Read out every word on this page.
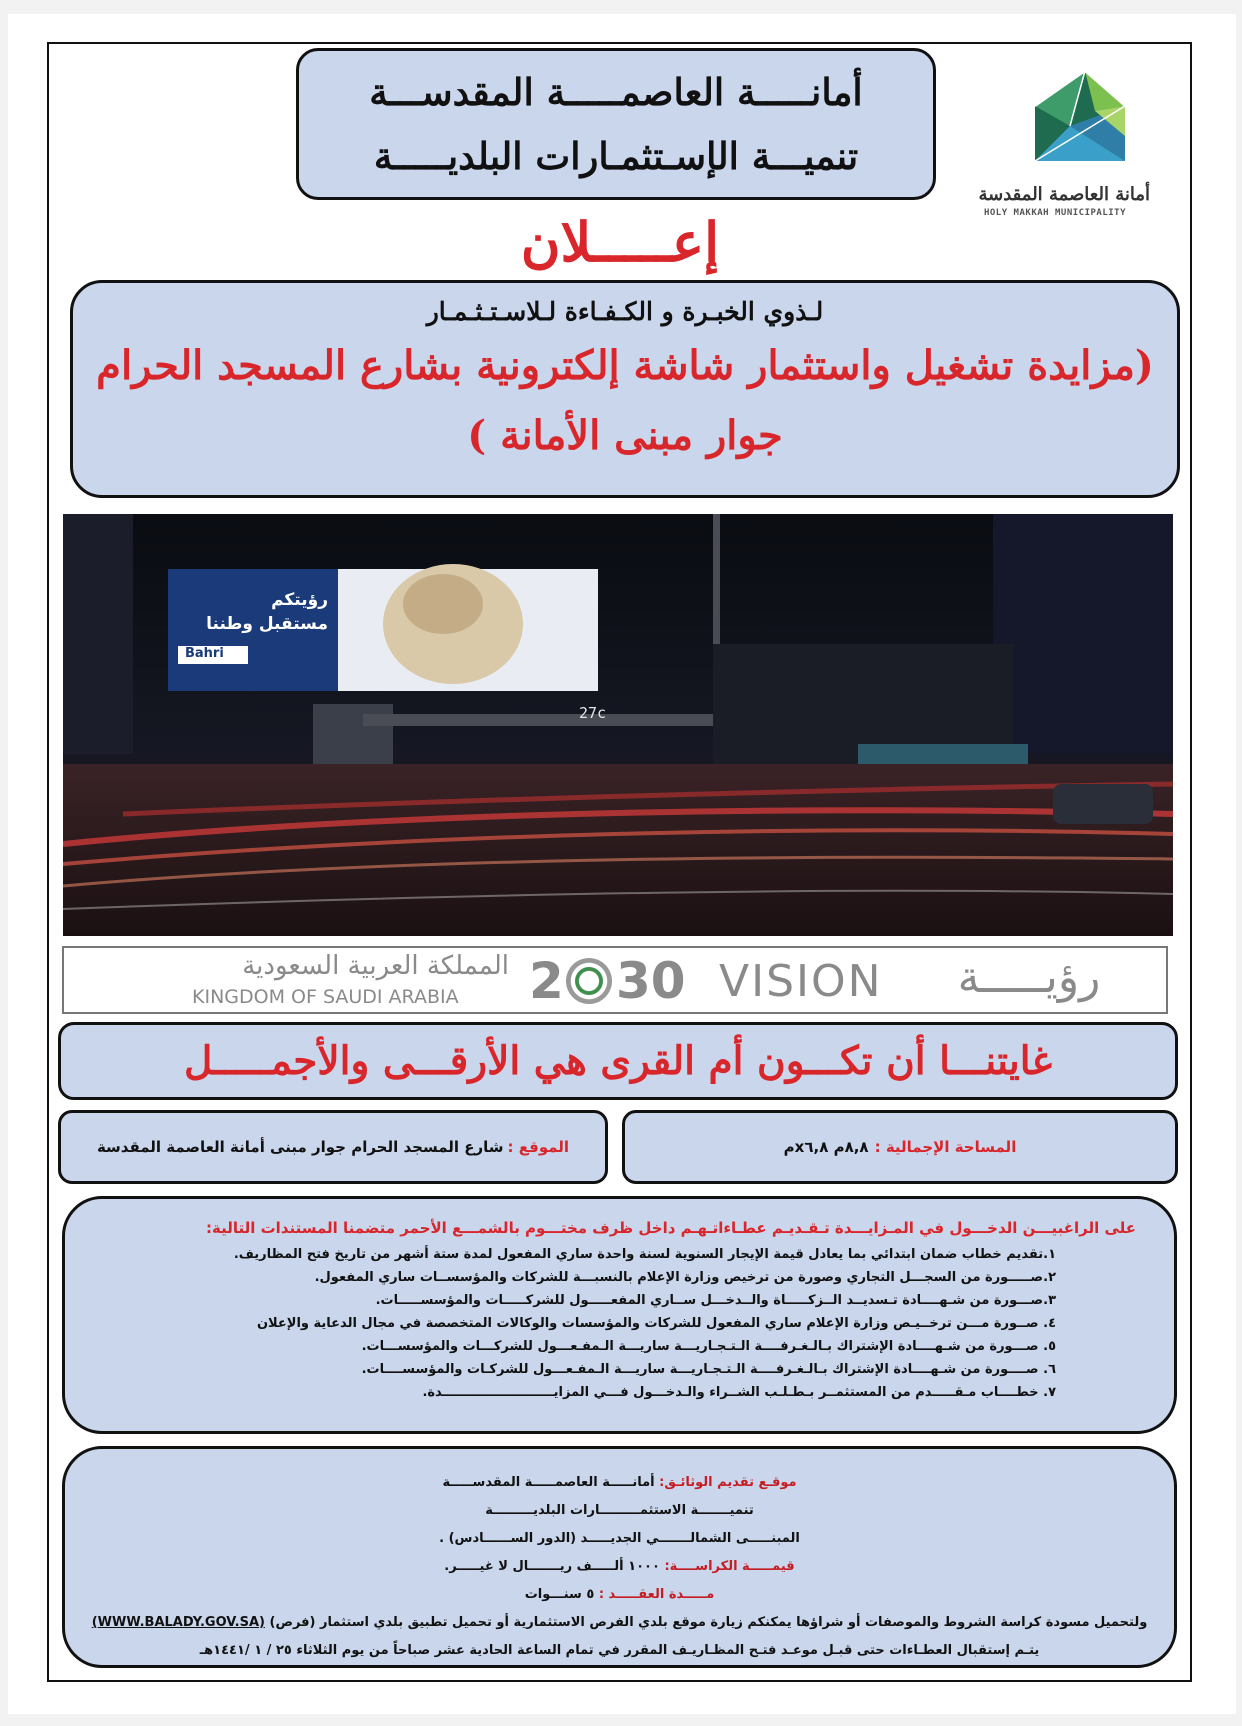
أمانـــــة العاصمـــــة المقدســـة
تنميـــة الإسـتثمـارات البلديـــــة
أمانة العاصمة المقدسة
HOLY MAKKAH MUNICIPALITY
إعـــــلان
لـذوي الخبـرة و الكـفـاءة لـلاسـتـثـمـار
(مزايدة تشغيل واستثمار شاشة إلكترونية بشارع المسجد الحرام
جوار مبنى الأمانة )
رؤيتكم
مستقبل وطننا
Bahri
27c
المملكة العربية السعودية
KINGDOM OF SAUDI ARABIA	2 30 VISION	رؤيـــــة
غايتنـــا أن تكـــون أم القرى هي الأرقـــى والأجمـــــل
المساحة الإجمالية :
٨,٨م x٦,٨م
الموقع :
شارع المسجد الحرام جوار مبنى أمانة العاصمة المقدسة
على الراغبيـــن الدخـــول في المـزايـــدة تـقـديـم عطـاءاتـهـم داخل ظرف مختـــوم بالشمـــع الأحمر متضمنا المستندات التالية:
١.تقديم خطاب ضمان ابتدائي بما يعادل قيمة الإيجار السنوية لسنة واحدة ساري المفعول لمدة ستة أشهر من تاريخ فتح المظاريف.
٢.صـــــورة من السجـــل التجاري وصورة من ترخيص وزارة الإعلام بالنسبـــة للشركات والمؤسســات ساري المفعول.
٣.صـــورة من شـهــــادة تـسديــد الــزكـــــاة والــدخـــل ســاري المفعـــــول للشركـــــات والمؤسســـــات.
٤. صــورة مـــن ترخــيـص وزارة الإعلام ساري المفعول للشركات والمؤسسات والوكالات المتخصصة في مجال الدعاية والإعلان
٥. صـــورة من شـهــــادة الإشتراك بـالـغـرفــــة الـتـجـاريـــة ساريـــة الـمفـعـــول للشركـــات والمؤسســـات.
٦. صــــورة من شـهــــادة الإشتراك بـالـغـرفــــة الـتـجـاريـــة ساريـــة الـمفـعـــول للشركـات والمؤسســــات.
٧. خطــــاب مـقـــــدم من المستثمــر بـطـلـب الشــراء والـدخـــول فـــي المزايـــــــــــــــــــــــــدة.
موقـع تقديم الوثائـق: أمانـــــة العاصمـــــة المقدســـــة
تنميـــــــة الاستثمـــــــــارات البلديـــــــــة
المبنـــــى الشمالـــــــي الجديـــــد (الدور الســــــادس) .
قيمـــــة الكراســــة: ١٠٠٠ ألـــــف ريـــــــال لا غيـــــر.
مـــــدة العقـــــد : ٥ سنـــوات
ولتحميل مسودة كراسة الشروط والموصفات أو شراؤها يمكنكم زيارة موقع بلدي الفرص الاستثمارية أو تحميل تطبيق بلدي استثمار (فرص) (WWW.BALADY.GOV.SA)
يتـم إستقبال العطـاءات حتى قبـل موعـد فتـح المظـاريـف المقرر في تمام الساعة الحادية عشر صباحاً من يوم الثلاثاء ٢٥ / ١ /١٤٤١هـ
